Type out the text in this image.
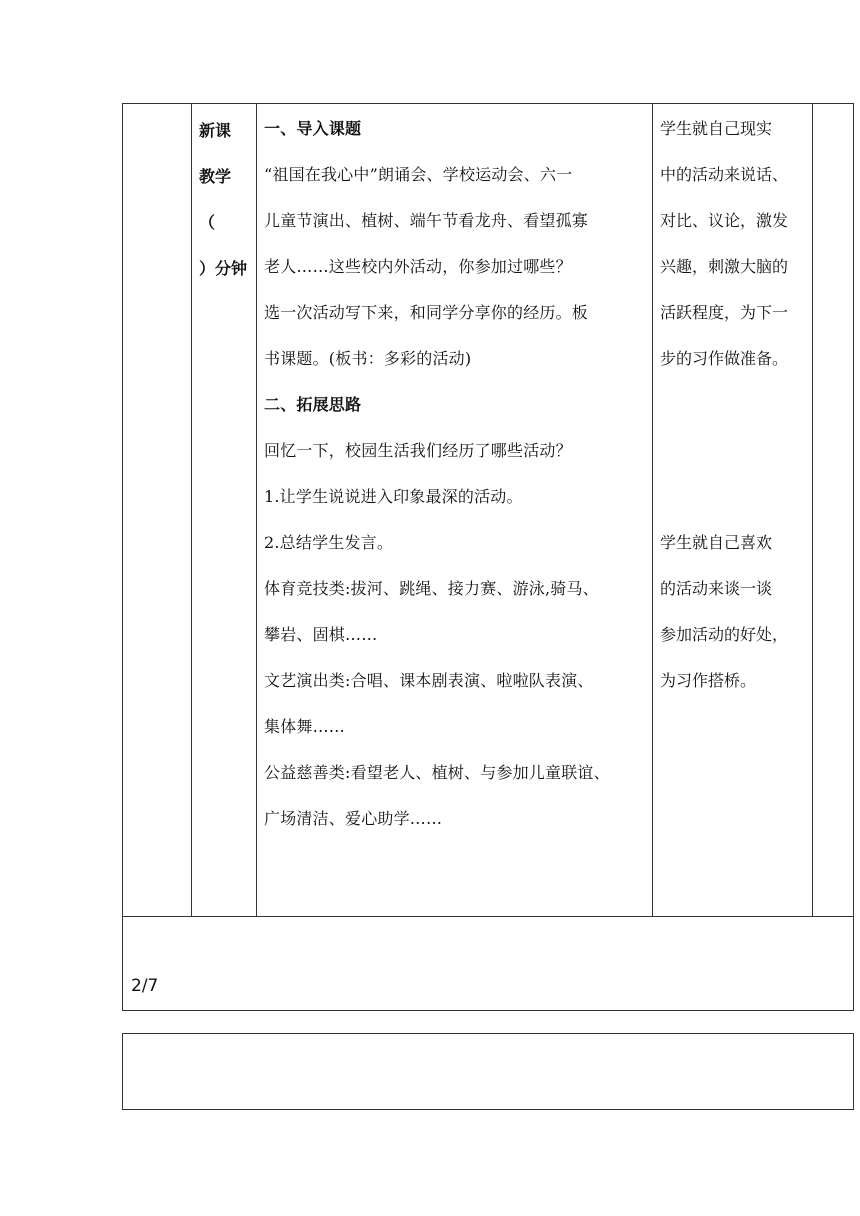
新课
教学
（
）分钟
一、导入课题
“祖国在我心中”朗诵会、学校运动会、六一
儿童节演出、植树、端午节看龙舟、看望孤寡
老人……这些校内外活动，你参加过哪些？
选一次活动写下来，和同学分享你的经历。板
书课题。(板书：多彩的活动)
二、拓展思路
回忆一下，校园生活我们经历了哪些活动？
1.让学生说说进入印象最深的活动。
2.总结学生发言。
体育竞技类:拔河、跳绳、接力赛、游泳,骑马、
攀岩、固棋……
文艺演出类:合唱、课本剧表演、啦啦队表演、
集体舞……
公益慈善类:看望老人、植树、与参加儿童联谊、
广场清洁、爱心助学……
学生就自己现实
中的活动来说话、
对比、议论，激发
兴趣，刺激大脑的
活跃程度，为下一
步的习作做准备。
学生就自己喜欢
的活动来谈一谈
参加活动的好处，
为习作搭桥。
2/7
